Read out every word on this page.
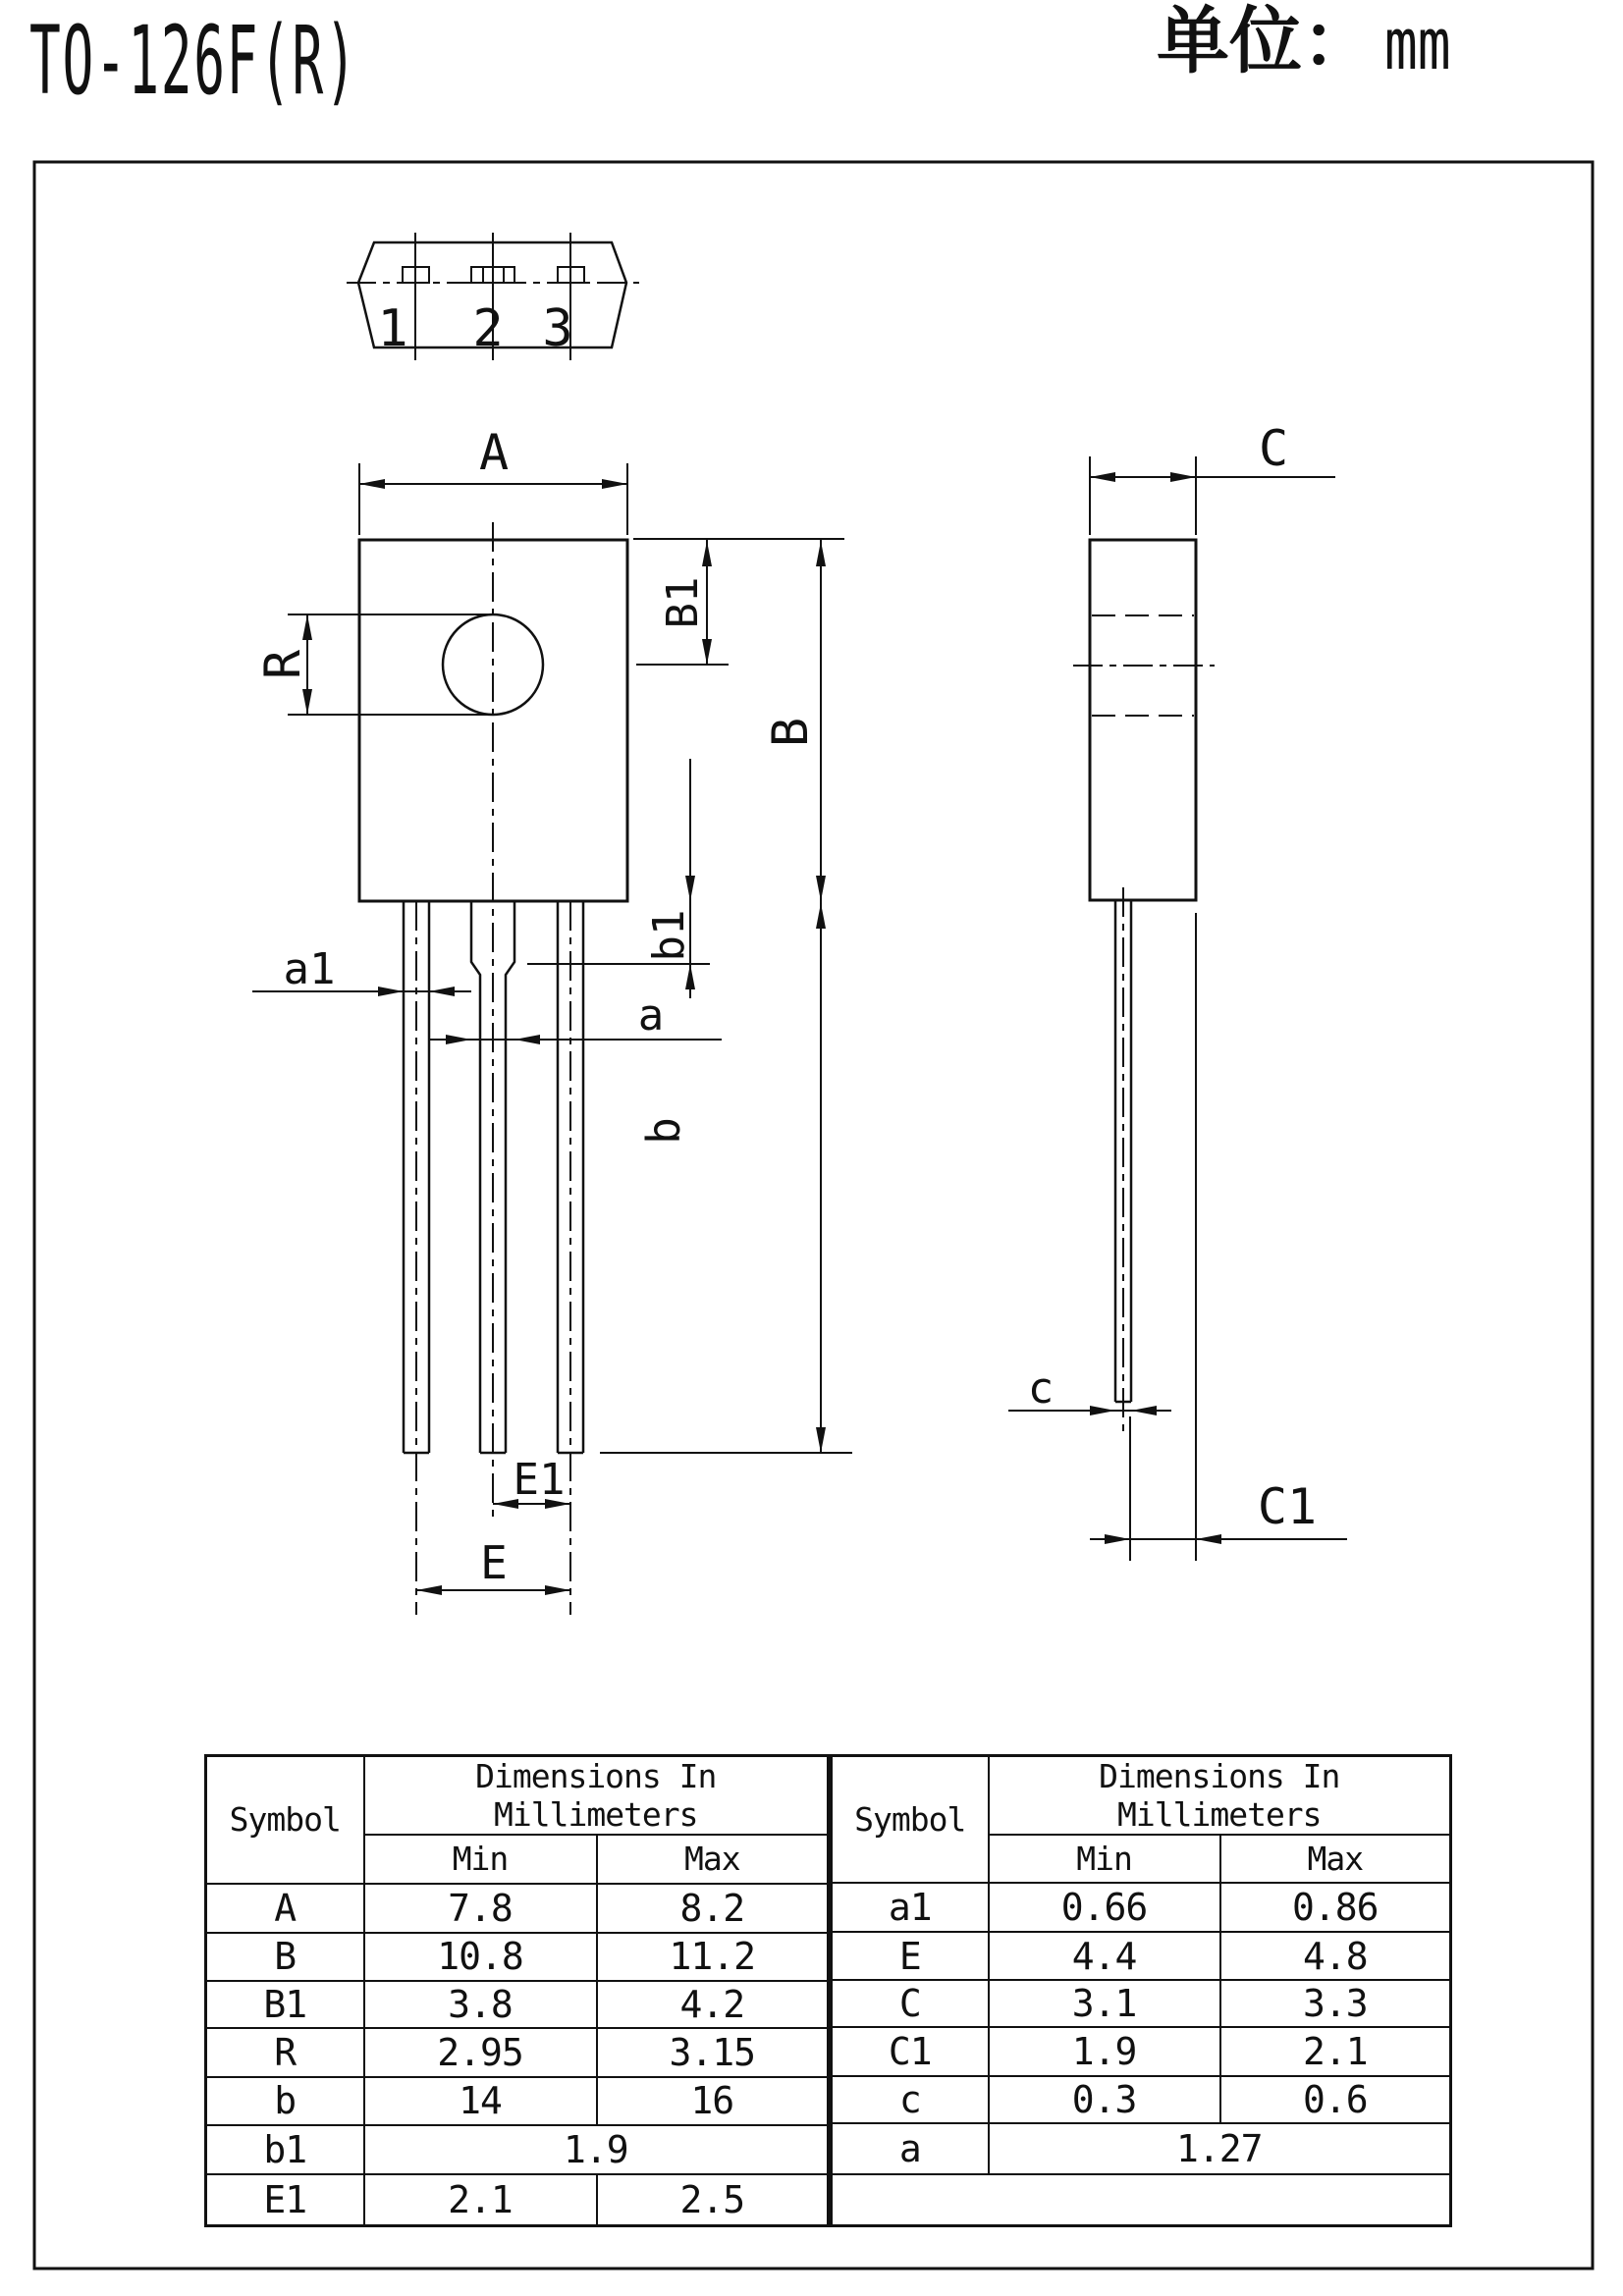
TO-126F(R)	单位： mm
1 2 3
A
R
B1
B
b
a1
a
b1
E1
E
C
c
C1
Symbol	Dimensions In Millimeters	
	Min	Max
A	7.8	8.2
B	10.8	11.2
B1	3.8	4.2
R	2.95	3.15
b	14	16
b1	1.9	
E1	2.1	2.5
Symbol	Dimensions In Millimeters	
	Min	Max
a1	0.66	0.86
E	4.4	4.8
C	3.1	3.3
C1	1.9	2.1
c	0.3	0.6
a	1.27	
